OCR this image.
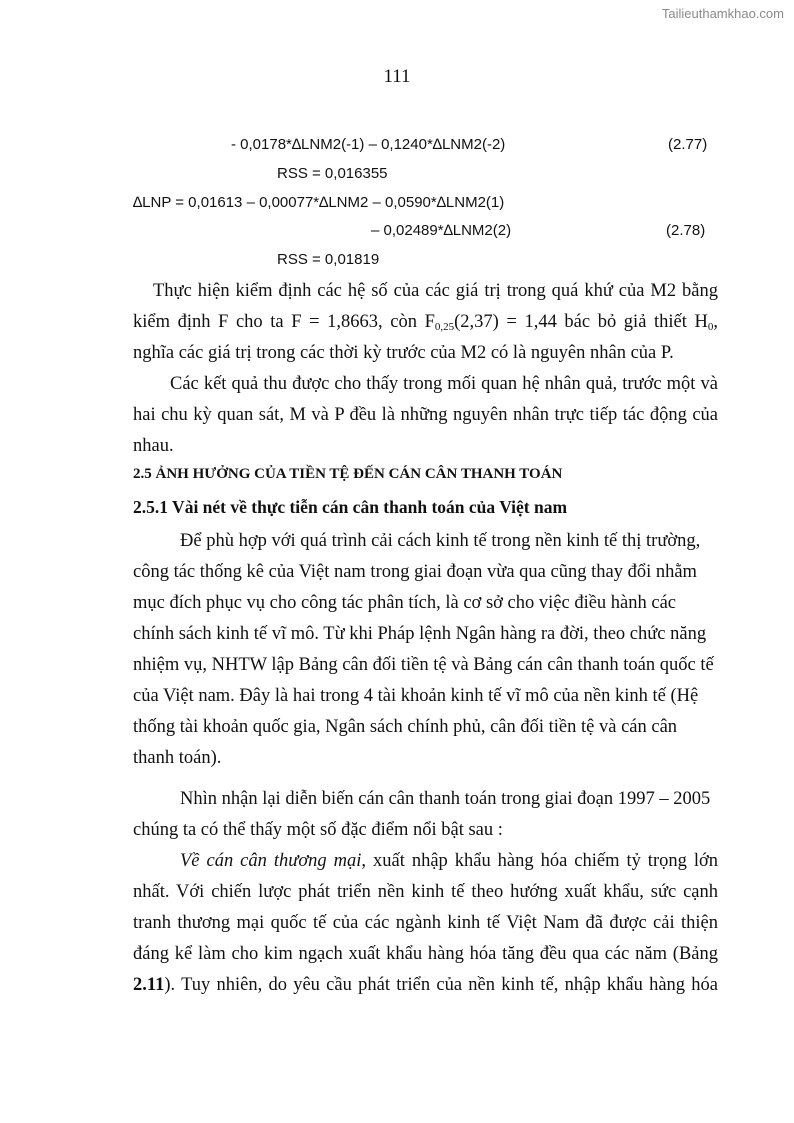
Tailieuthamkhao.com
111
- 0,0178*∆LNM2(-1) – 0,1240*∆LNM2(-2)	(2.77)
RSS = 0,016355
∆LNP = 0,01613 – 0,00077*∆LNM2 – 0,0590*∆LNM2(1)
– 0,02489*∆LNM2(2)	(2.78)
RSS = 0,01819
Thực hiện kiểm định các hệ số của các giá trị trong quá khứ của M2 bằng
kiểm định F cho ta F = 1,8663, còn $F_{0,25}(2,37) = 1,44$ bác bỏ giả thiết $H_0$,
nghĩa các giá trị trong các thời kỳ trước của M2 có là nguyên nhân của P.
Các kết quả thu được cho thấy trong mối quan hệ nhân quả, trước một và
hai chu kỳ quan sát, M và P đều là những nguyên nhân trực tiếp tác động của
nhau.
2.5 ẢNH HƯỞNG CỦA TIỀN TỆ ĐẾN CÁN CÂN THANH TOÁN
2.5.1 Vài nét về thực tiễn cán cân thanh toán của Việt nam
Để phù hợp với quá trình cải cách kinh tế trong nền kinh tế thị trường,
công tác thống kê của Việt nam trong giai đoạn vừa qua cũng thay đổi nhằm
mục đích phục vụ cho công tác phân tích, là cơ sở cho việc điều hành các
chính sách kinh tế vĩ mô. Từ khi Pháp lệnh Ngân hàng ra đời, theo chức năng
nhiệm vụ, NHTW lập Bảng cân đối tiền tệ và Bảng cán cân thanh toán quốc tế
của Việt nam. Đây là hai trong 4 tài khoản kinh tế vĩ mô của nền kinh tế (Hệ
thống tài khoản quốc gia, Ngân sách chính phủ, cân đối tiền tệ và cán cân
thanh toán).
Nhìn nhận lại diễn biến cán cân thanh toán trong giai đoạn 1997 – 2005
chúng ta có thể thấy một số đặc điểm nổi bật sau :
Về cán cân thương mại, xuất nhập khẩu hàng hóa chiếm tỷ trọng lớn
nhất. Với chiến lược phát triển nền kinh tế theo hướng xuất khẩu, sức cạnh
tranh thương mại quốc tế của các ngành kinh tế Việt Nam đã được cải thiện
đáng kể làm cho kim ngạch xuất khẩu hàng hóa tăng đều qua các năm (Bảng
2.11). Tuy nhiên, do yêu cầu phát triển của nền kinh tế, nhập khẩu hàng hóa
